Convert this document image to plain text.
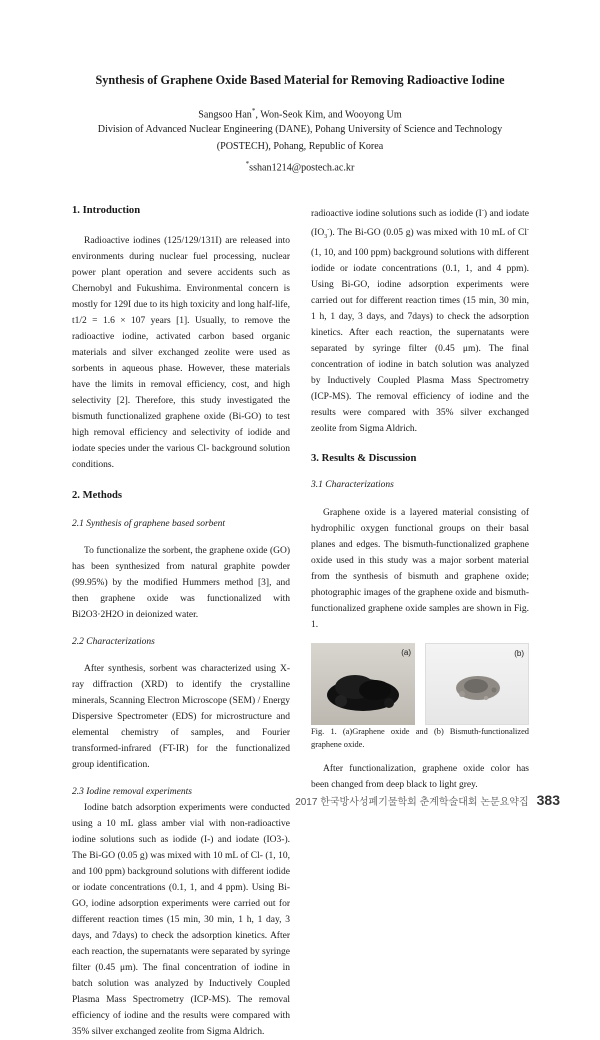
Synthesis of Graphene Oxide Based Material for Removing Radioactive Iodine
Sangsoo Han*, Won-Seok Kim, and Wooyong Um
Division of Advanced Nuclear Engineering (DANE), Pohang University of Science and Technology
(POSTECH), Pohang, Republic of Korea
*sshan1214@postech.ac.kr

1. Introduction

Radioactive iodines (125/129/131I) are released into environments during nuclear fuel processing, nuclear power plant operation and severe accidents such as Chernobyl and Fukushima. Environmental concern is mostly for 129I due to its high toxicity and long half-life, t1/2 = 1.6 × 107 years [1]. Usually, to remove the radioactive iodine, activated carbon based organic materials and silver exchanged zeolite were used as sorbents in aqueous phase. However, these materials have the limits in removal efficiency, cost, and high selectivity [2]. Therefore, this study investigated the bismuth functionalized graphene oxide (Bi-GO) to test high removal efficiency and selectivity of iodide and iodate species under the various Cl- background solution conditions.

2. Methods

2.1 Synthesis of graphene based sorbent

To functionalize the sorbent, the graphene oxide (GO) has been synthesized from natural graphite powder (99.95%) by the modified Hummers method [3], and then graphene oxide was functionalized with Bi2O3·2H2O in deionized water.

2.2 Characterizations

After synthesis, sorbent was characterized using X-ray diffraction (XRD) to identify the crystalline minerals, Scanning Electron Microscope (SEM) / Energy Dispersive Spectrometer (EDS) for microstructure and elemental chemistry of samples, and Fourier transformed-infrared (FT-IR) for the functionalized group identification.

2.3 Iodine removal experiments

Iodine batch adsorption experiments were conducted using a 10 mL glass amber vial with non-radioactive iodine solutions such as iodide (I-) and iodate (IO3-). The Bi-GO (0.05 g) was mixed with 10 mL of Cl- (1, 10, and 100 ppm) background solutions with different iodide or iodate concentrations (0.1, 1, and 4 ppm). Using Bi-GO, iodine adsorption experiments were carried out for different reaction times (15 min, 30 min, 1 h, 1 day, 3 days, and 7days) to check the adsorption kinetics. After each reaction, the supernatants were separated by syringe filter (0.45 μm). The final concentration of iodine in batch solution was analyzed by Inductively Coupled Plasma Mass Spectrometry (ICP-MS). The removal efficiency of iodine and the results were compared with 35% silver exchanged zeolite from Sigma Aldrich.

radioactive iodine solutions such as iodide (I-) and iodate $(IO_3^-)$. The Bi-GO (0.05 g) was mixed with 10 mL of Cl- (1, 10, and 100 ppm) background solutions with different iodide or iodate concentrations (0.1, 1, and 4 ppm). Using Bi-GO, iodine adsorption experiments were carried out for different reaction times (15 min, 30 min, 1 h, 1 day, 3 days, and 7days) to check the adsorption kinetics. After each reaction, the supernatants were separated by syringe filter (0.45 μm). The final concentration of iodine in batch solution was analyzed by Inductively Coupled Plasma Mass Spectrometry (ICP-MS). The removal efficiency of iodine and the results were compared with 35% silver exchanged zeolite from Sigma Aldrich.

3. Results & Discussion

3.1 Characterizations

Graphene oxide is a layered material consisting of hydrophilic oxygen functional groups on their basal planes and edges. The bismuth-functionalized graphene oxide used in this study was a major sorbent material from the synthesis of bismuth and graphene oxide; photographic images of the graphene oxide and bismuth-functionalized graphene oxide samples are shown in Fig. 1.

(a)	(b)

Fig. 1. (a)Graphene oxide and (b) Bismuth-functionalized graphene oxide.

After functionalization, graphene oxide color has been changed from deep black to light grey.

2017 한국방사성폐기물학회 춘계학술대회 논문요약집 383
